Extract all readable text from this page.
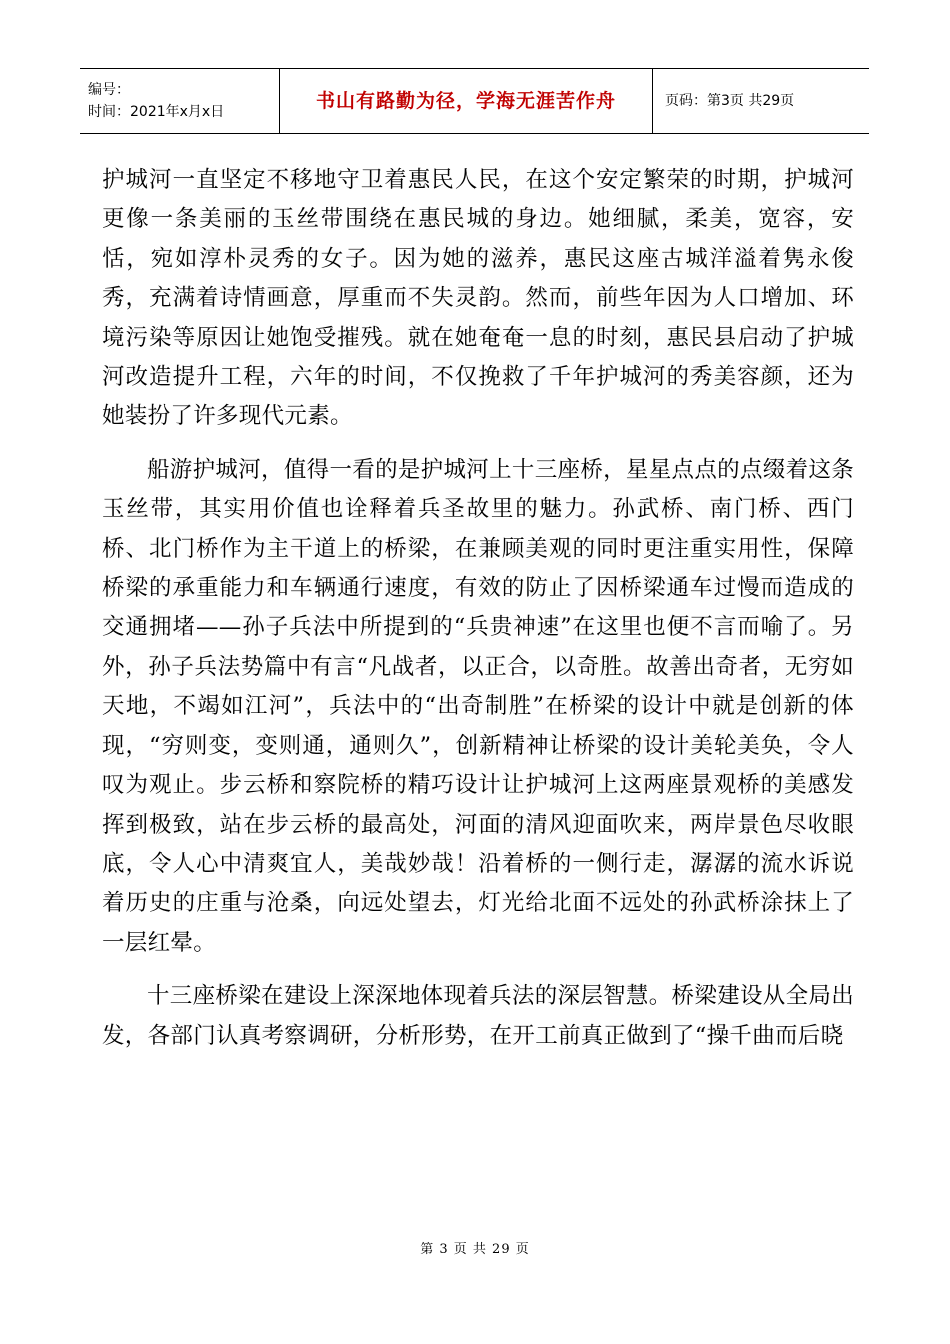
编号：
时间：2021年x月x日	书山有路勤为径，学海无涯苦作舟	页码：第3页 共29页

护城河一直坚定不移地守卫着惠民人民，在这个安定繁荣的时期，护城河更像一条美丽的玉丝带围绕在惠民城的身边。她细腻，柔美，宽容，安恬，宛如淳朴灵秀的女子。因为她的滋养，惠民这座古城洋溢着隽永俊秀，充满着诗情画意，厚重而不失灵韵。然而，前些年因为人口增加、环境污染等原因让她饱受摧残。就在她奄奄一息的时刻，惠民县启动了护城河改造提升工程，六年的时间，不仅挽救了千年护城河的秀美容颜，还为她装扮了许多现代元素。

船游护城河，值得一看的是护城河上十三座桥，星星点点的点缀着这条玉丝带，其实用价值也诠释着兵圣故里的魅力。孙武桥、南门桥、西门桥、北门桥作为主干道上的桥梁，在兼顾美观的同时更注重实用性，保障桥梁的承重能力和车辆通行速度，有效的防止了因桥梁通车过慢而造成的交通拥堵——孙子兵法中所提到的“兵贵神速”在这里也便不言而喻了。另外，孙子兵法势篇中有言“凡战者，以正合，以奇胜。故善出奇者，无穷如天地，不竭如江河”，兵法中的“出奇制胜”在桥梁的设计中就是创新的体现，“穷则变，变则通，通则久”，创新精神让桥梁的设计美轮美奂，令人叹为观止。步云桥和察院桥的精巧设计让护城河上这两座景观桥的美感发挥到极致，站在步云桥的最高处，河面的清风迎面吹来，两岸景色尽收眼底，令人心中清爽宜人，美哉妙哉！沿着桥的一侧行走，潺潺的流水诉说着历史的庄重与沧桑，向远处望去，灯光给北面不远处的孙武桥涂抹上了一层红晕。

十三座桥梁在建设上深深地体现着兵法的深层智慧。桥梁建设从全局出发，各部门认真考察调研，分析形势，在开工前真正做到了“操千曲而后晓

第 3 页 共 29 页
